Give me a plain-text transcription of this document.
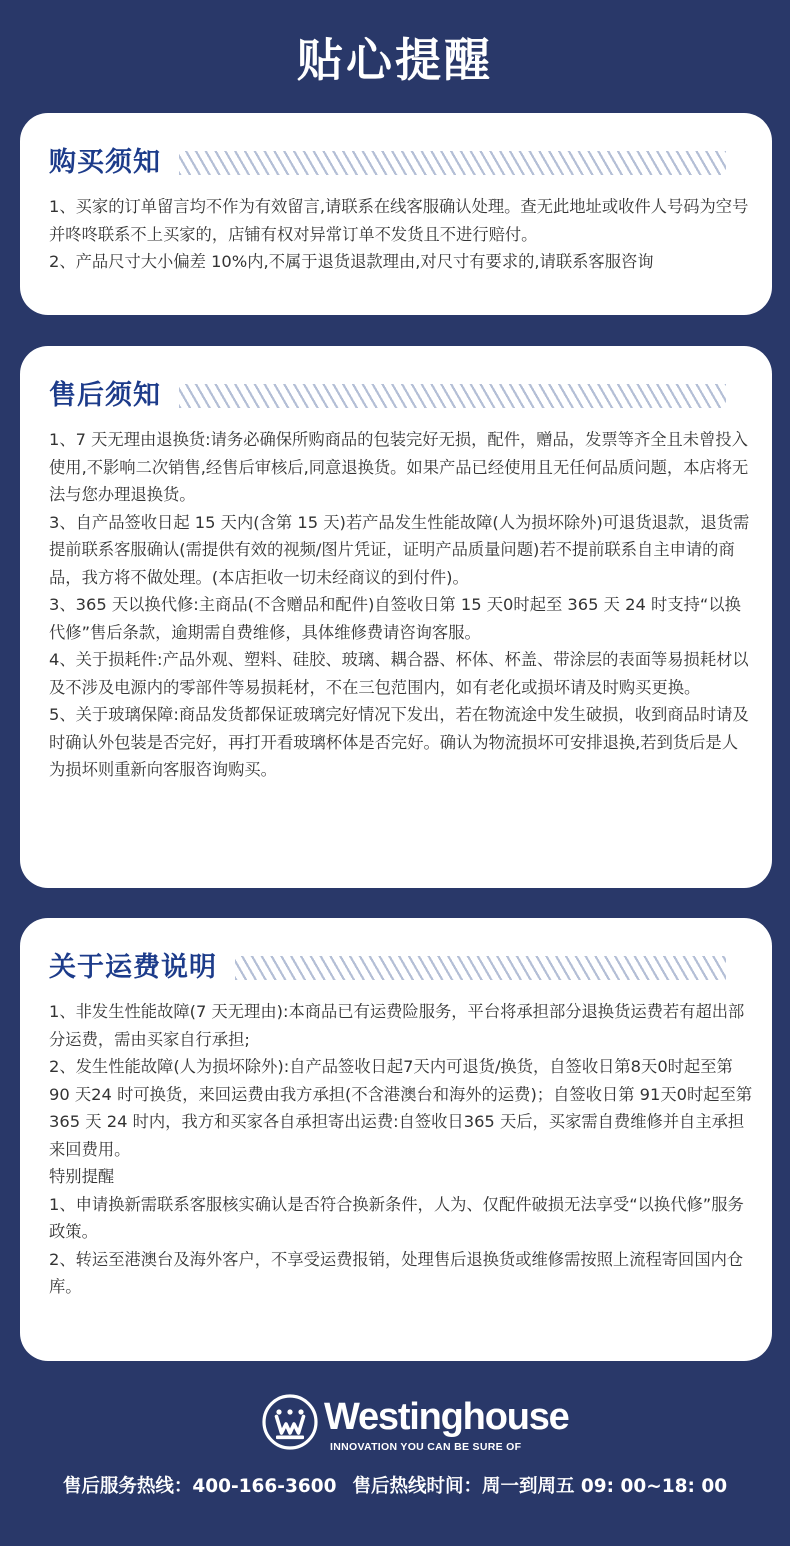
贴心提醒
购买须知

1、买家的订单留言均不作为有效留言,请联系在线客服确认处理。查无此地址或收件人号码为空号并咚咚联系不上买家的，店铺有权对异常订单不发货且不进行赔付。

2、产品尺寸大小偏差 10%内,不属于退货退款理由,对尺寸有要求的,请联系客服咨询

售后须知

1、7 天无理由退换货:请务必确保所购商品的包装完好无损，配件，赠品，发票等齐全且未曾投入使用,不影响二次销售,经售后审核后,同意退换货。如果产品已经使用且无任何品质问题，本店将无法与您办理退换货。

3、自产品签收日起 15 天内(含第 15 天)若产品发生性能故障(人为损坏除外)可退货退款，退货需提前联系客服确认(需提供有效的视频/图片凭证，证明产品质量问题)若不提前联系自主申请的商品，我方将不做处理。(本店拒收一切未经商议的到付件)。

3、365 天以换代修:主商品(不含赠品和配件)自签收日第 15 天0时起至 365 天 24 时支持“以换代修”售后条款，逾期需自费维修，具体维修费请咨询客服。

4、关于损耗件:产品外观、塑料、硅胶、玻璃、耦合器、杯体、杯盖、带涂层的表面等易损耗材以及不涉及电源内的零部件等易损耗材，不在三包范围内，如有老化或损坏请及时购买更换。

5、关于玻璃保障:商品发货都保证玻璃完好情况下发出，若在物流途中发生破损，收到商品时请及时确认外包装是否完好，再打开看玻璃杯体是否完好。确认为物流损坏可安排退换,若到货后是人为损坏则重新向客服咨询购买。

关于运费说明

1、非发生性能故障(7 天无理由):本商品已有运费险服务，平台将承担部分退换货运费若有超出部分运费，需由买家自行承担;

2、发生性能故障(人为损坏除外):自产品签收日起7天内可退货/换货，自签收日第8天0时起至第 90 天24 时可换货，来回运费由我方承担(不含港澳台和海外的运费)；自签收日第 91天0时起至第 365 天 24 时内，我方和买家各自承担寄出运费:自签收日365 天后，买家需自费维修并自主承担来回费用。

特别提醒

1、申请换新需联系客服核实确认是否符合换新条件，人为、仅配件破损无法享受“以换代修”服务政策。

2、转运至港澳台及海外客户，不享受运费报销，处理售后退换货或维修需按照上流程寄回国内仓库。

Westinghouse
INNOVATION YOU CAN BE SURE OF
售后服务热线：400-166-3600 售后热线时间：周一到周五 09: 00~18: 00
